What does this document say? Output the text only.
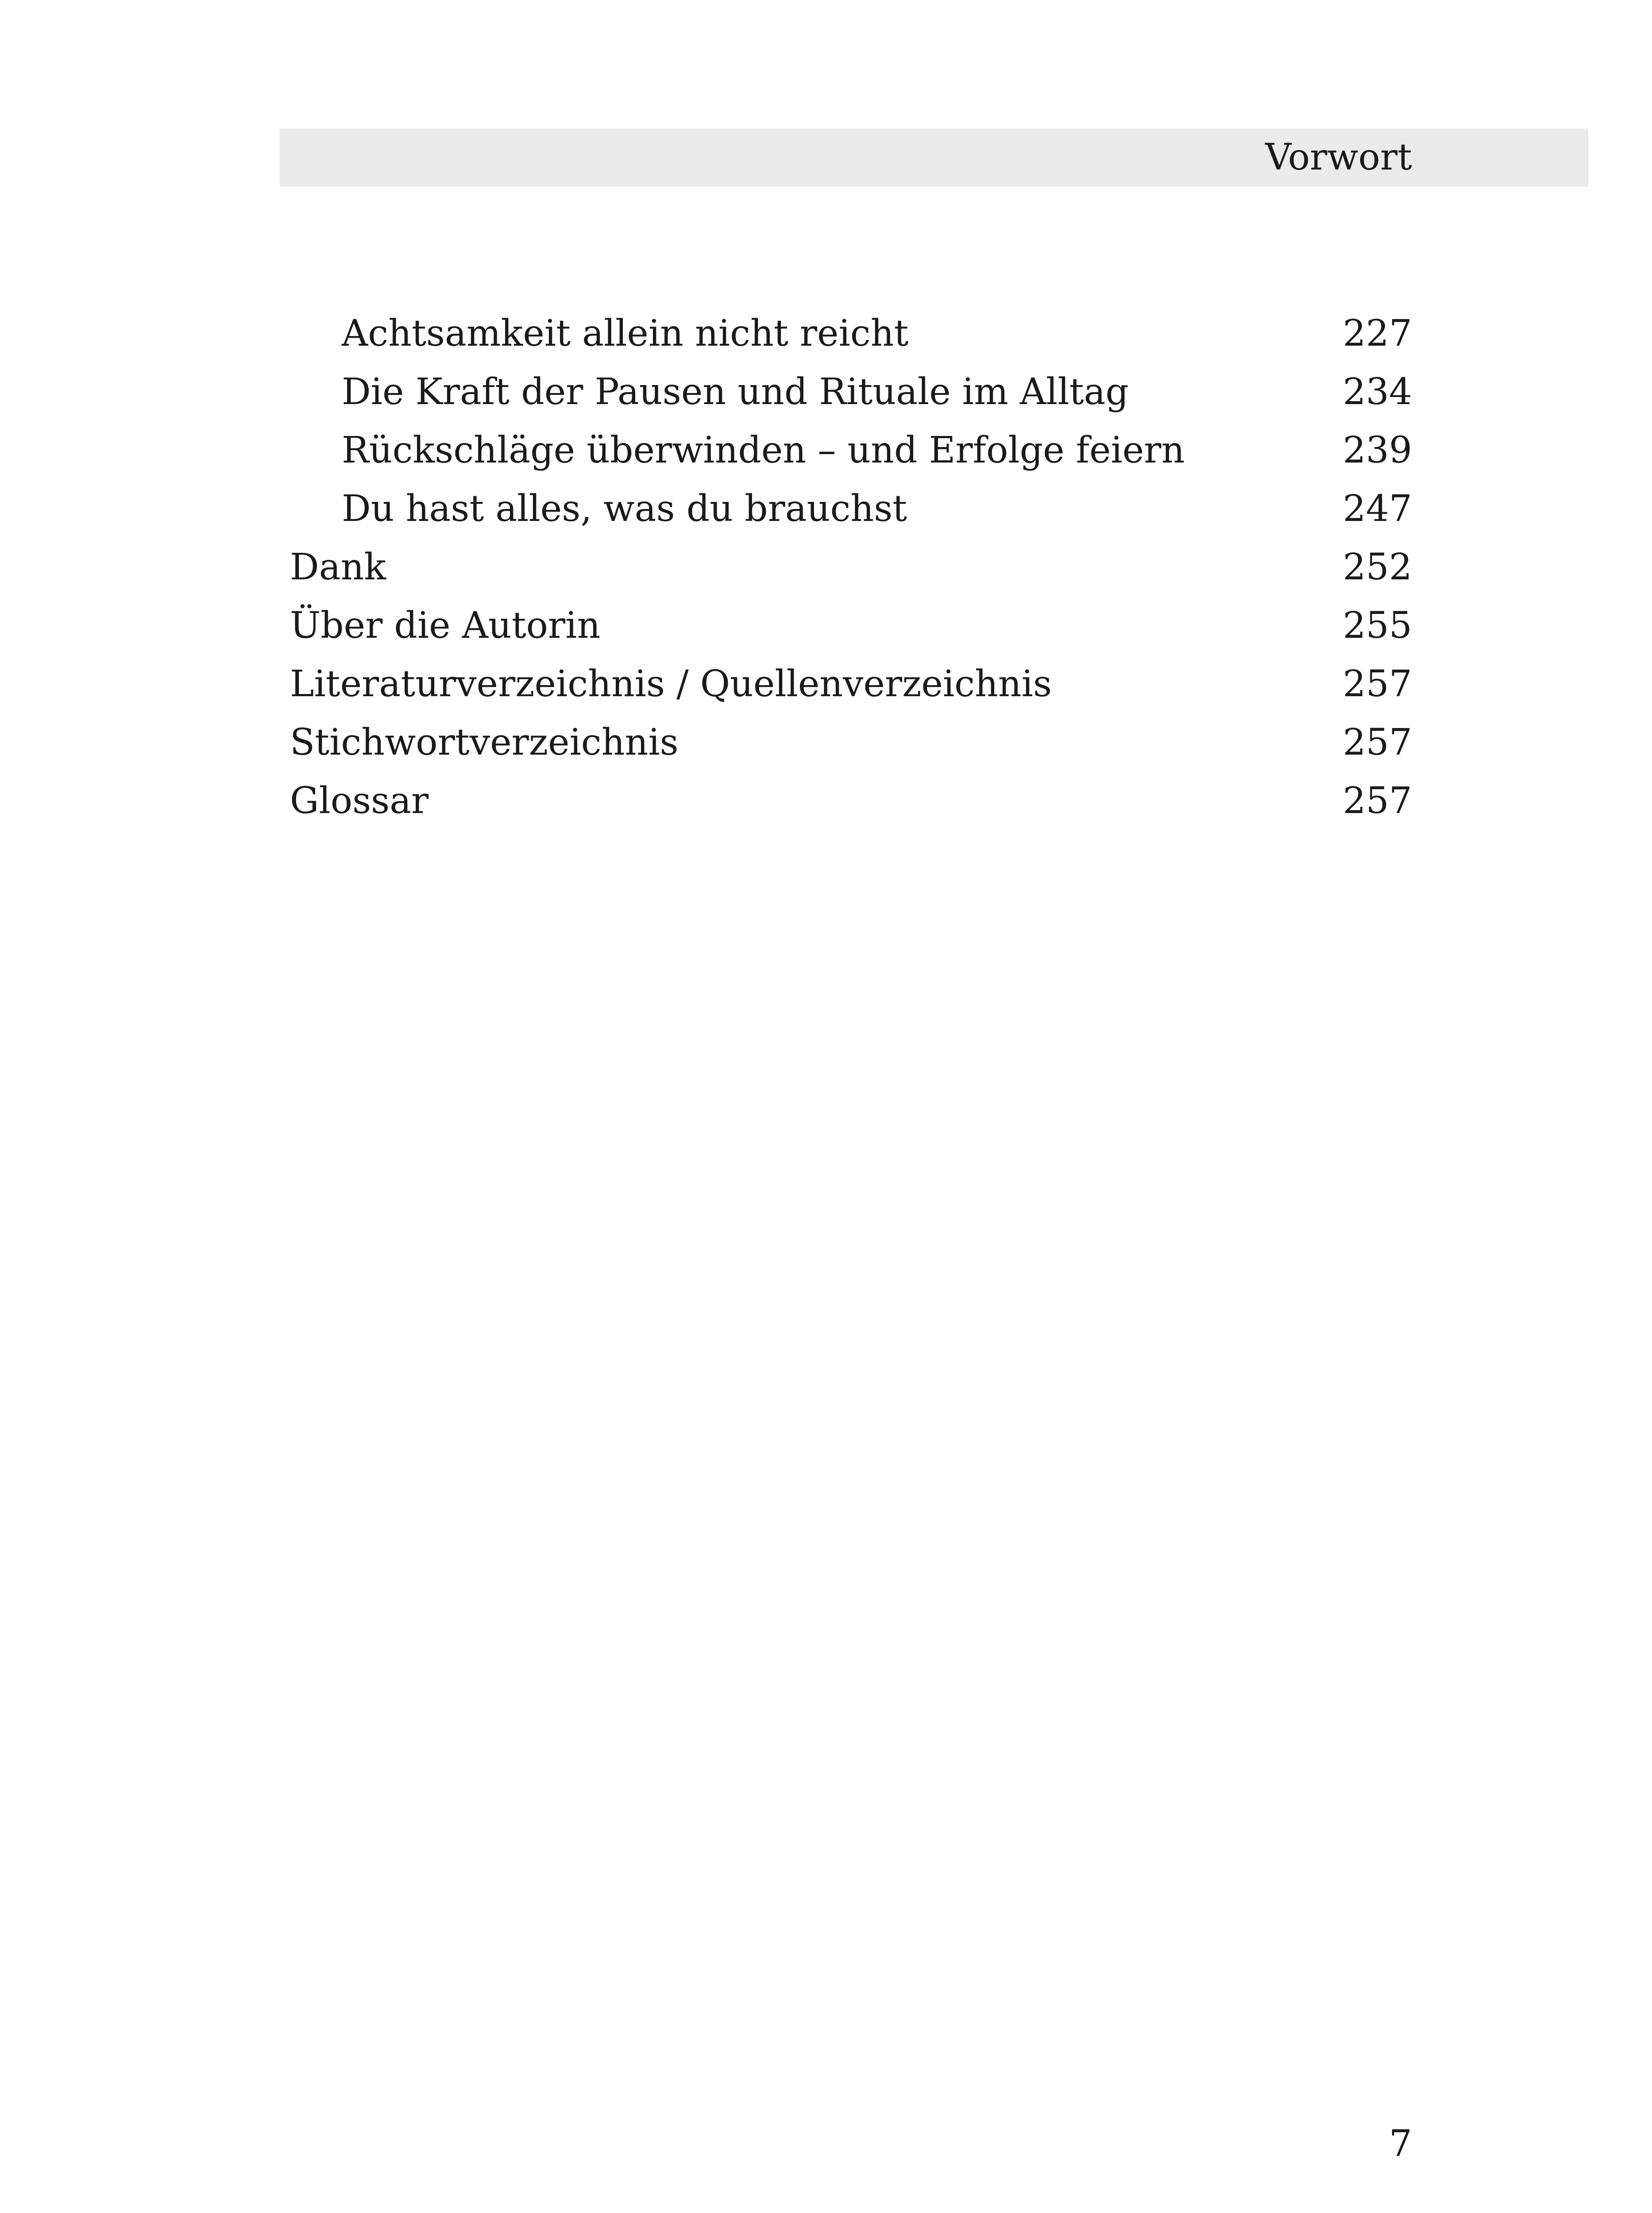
Vorwort
Achtsamkeit allein nicht reicht	227
Die Kraft der Pausen und Rituale im Alltag	234
Rückschläge überwinden – und Erfolge feiern	239
Du hast alles, was du brauchst	247
Dank	252
Über die Autorin	255
Literaturverzeichnis / Quellenverzeichnis	257
Stichwortverzeichnis	257
Glossar	257
7
